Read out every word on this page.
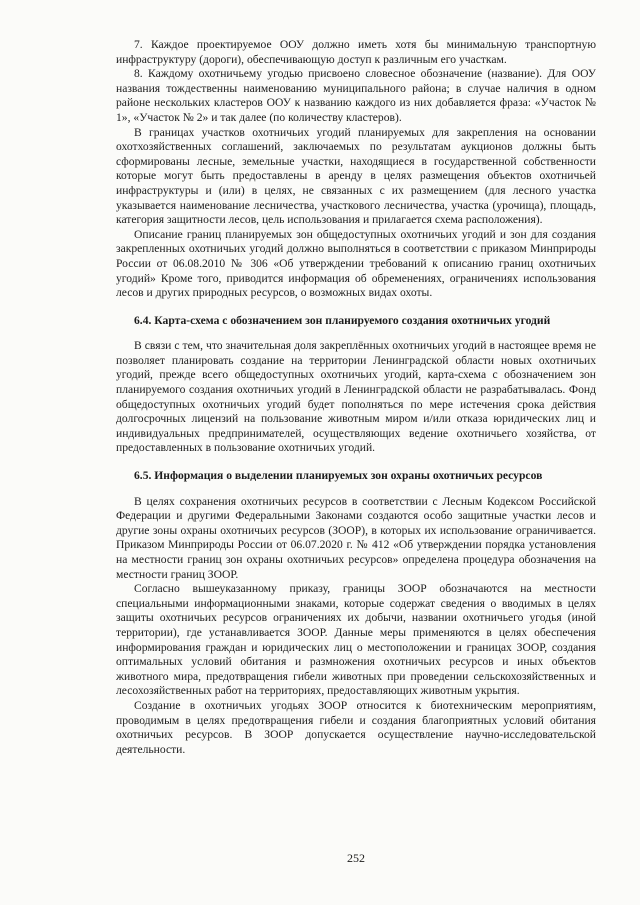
7. Каждое проектируемое ООУ должно иметь хотя бы минимальную транспортную инфраструктуру (дороги), обеспечивающую доступ к различным его участкам.

8. Каждому охотничьему угодью присвоено словесное обозначение (название). Для ООУ названия тождественны наименованию муниципального района; в случае наличия в одном районе нескольких кластеров ООУ к названию каждого из них добавляется фраза: «Участок № 1», «Участок № 2» и так далее (по количеству кластеров).

В границах участков охотничьих угодий планируемых для закрепления на основании охотхозяйственных соглашений, заключаемых по результатам аукционов должны быть сформированы лесные, земельные участки, находящиеся в государственной собственности которые могут быть предоставлены в аренду в целях размещения объектов охотничьей инфраструктуры и (или) в целях, не связанных с их размещением (для лесного участка указывается наименование лесничества, участкового лесничества, участка (урочища), площадь, категория защитности лесов, цель использования и прилагается схема расположения).

Описание границ планируемых зон общедоступных охотничьих угодий и зон для создания закрепленных охотничьих угодий должно выполняться в соответствии с приказом Минприроды России от 06.08.2010 № 306 «Об утверждении требований к описанию границ охотничьих угодий» Кроме того, приводится информация об обременениях, ограничениях использования лесов и других природных ресурсов, о возможных видах охоты.

6.4. Карта-схема с обозначением зон планируемого создания охотничьих угодий

В связи с тем, что значительная доля закреплённых охотничьих угодий в настоящее время не позволяет планировать создание на территории Ленинградской области новых охотничьих угодий, прежде всего общедоступных охотничьих угодий, карта-схема с обозначением зон планируемого создания охотничьих угодий в Ленинградской области не разрабатывалась. Фонд общедоступных охотничьих угодий будет пополняться по мере истечения срока действия долгосрочных лицензий на пользование животным миром и/или отказа юридических лиц и индивидуальных предпринимателей, осуществляющих ведение охотничьего хозяйства, от предоставленных в пользование охотничьих угодий.

6.5. Информация о выделении планируемых зон охраны охотничьих ресурсов

В целях сохранения охотничьих ресурсов в соответствии с Лесным Кодексом Российской Федерации и другими Федеральными Законами создаются особо защитные участки лесов и другие зоны охраны охотничьих ресурсов (ЗООР), в которых их использование ограничивается. Приказом Минприроды России от 06.07.2020 г. № 412 «Об утверждении порядка установления на местности границ зон охраны охотничьих ресурсов» определена процедура обозначения на местности границ ЗООР.

Согласно вышеуказанному приказу, границы ЗООР обозначаются на местности специальными информационными знаками, которые содержат сведения о вводимых в целях защиты охотничьих ресурсов ограничениях их добычи, названии охотничьего угодья (иной территории), где устанавливается ЗООР. Данные меры применяются в целях обеспечения информирования граждан и юридических лиц о местоположении и границах ЗООР, создания оптимальных условий обитания и размножения охотничьих ресурсов и иных объектов животного мира, предотвращения гибели животных при проведении сельскохозяйственных и лесохозяйственных работ на территориях, предоставляющих животным укрытия.

Создание в охотничьих угодьях ЗООР относится к биотехническим мероприятиям, проводимым в целях предотвращения гибели и создания благоприятных условий обитания охотничьих ресурсов. В ЗООР допускается осуществление научно-исследовательской деятельности.

252
